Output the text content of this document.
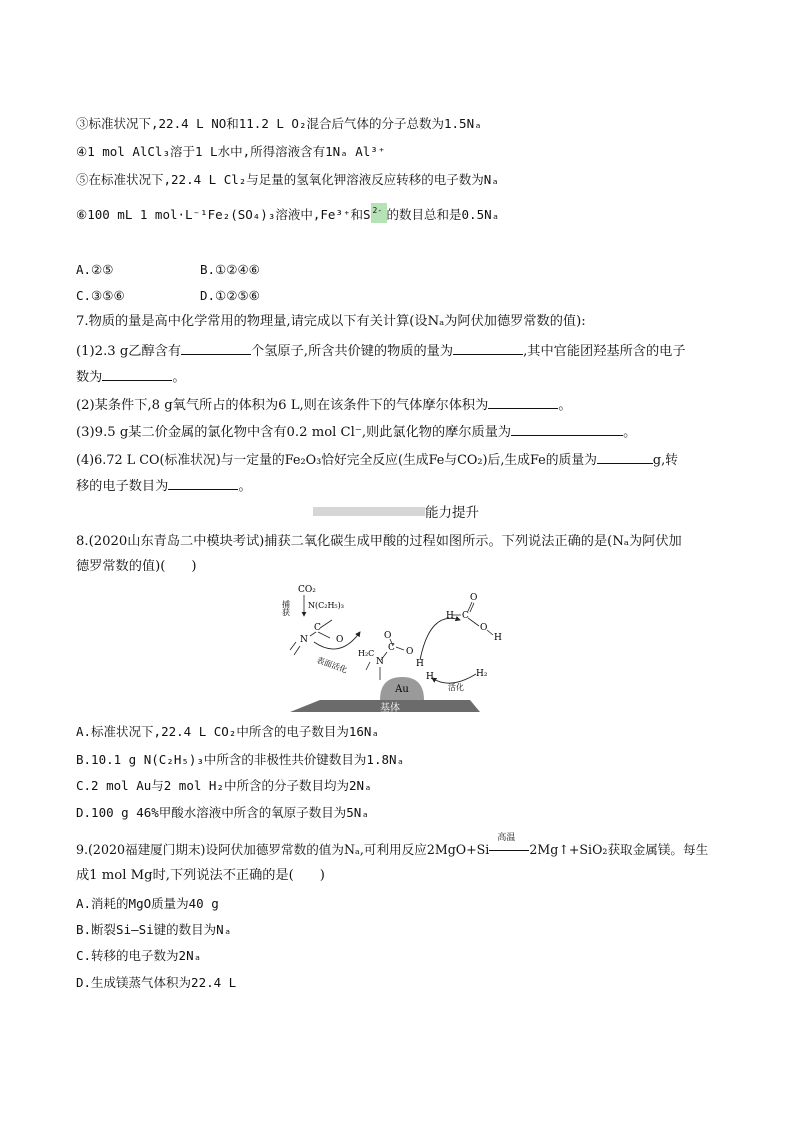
③标准状况下,22.4 L NO和11.2 L O₂混合后气体的分子总数为1.5Nₐ
④1 mol AlCl₃溶于1 L水中,所得溶液含有1Nₐ Al³⁺
⑤在标准状况下,22.4 L Cl₂与足量的氢氧化钾溶液反应转移的电子数为Nₐ
⑥100 mL 1 mol·L⁻¹Fe₂(SO₄)₃溶液中,Fe³⁺和S 2- 的数目总和是0.5Nₐ
A.②⑤	B.①②④⑥
C.③⑤⑥	D.①②⑤⑥
7.物质的量是高中化学常用的物理量,请完成以下有关计算(设Nₐ为阿伏加德罗常数的值):
(1)2.3 g乙醇含有	个氢原子,所含共价键的物质的量为	,其中官能团羟基所含的电子
数为	。
(2)某条件下,8 g氧气所占的体积为6 L,则在该条件下的气体摩尔体积为	。
(3)9.5 g某二价金属的氯化物中含有0.2 mol Cl⁻,则此氯化物的摩尔质量为	。
(4)6.72 L CO(标准状况)与一定量的Fe₂O₃恰好完全反应(生成Fe与CO₂)后,生成Fe的质量为	g,转
移的电子数目为	。
能力提升
8.(2020山东青岛二中模块考试)捕获二氧化碳生成甲酸的过程如图所示。下列说法正确的是(Nₐ为阿伏加
德罗常数的值)( )
基体
Au
CO₂
捕获 N(C₂H₅)₃
N
C
O
表面活化
H₂C
N
C
O
O
H
H
活化
H₂
H C
O
O
H
A.标准状况下,22.4 L CO₂中所含的电子数目为16Nₐ
B.10.1 g N(C₂H₅)₃中所含的非极性共价键数目为1.8Nₐ
C.2 mol Au与2 mol H₂中所含的分子数目均为2Nₐ
D.100 g 46%甲酸水溶液中所含的氧原子数目为5Nₐ
9.(2020福建厦门期末)设阿伏加德罗常数的值为Nₐ,可利用反应2MgO+Si
高温
2Mg↑+SiO₂获取金属镁。每生
成1 mol Mg时,下列说法不正确的是( )
A.消耗的MgO质量为40 g
B.断裂Si—Si键的数目为Nₐ
C.转移的电子数为2Nₐ
D.生成镁蒸气体积为22.4 L
